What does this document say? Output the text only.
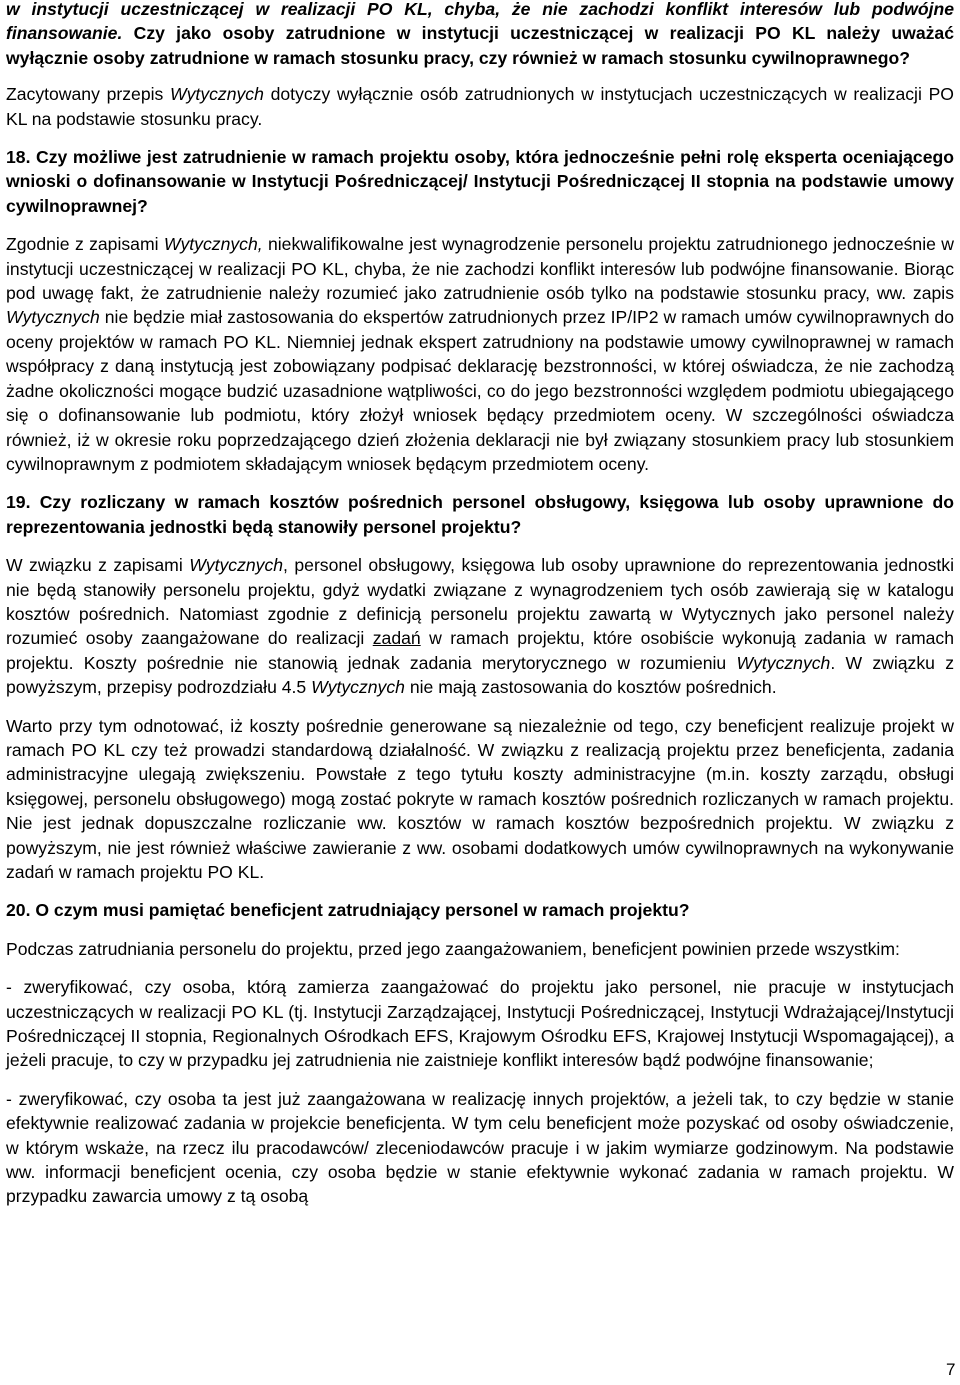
w instytucji uczestniczącej w realizacji PO KL, chyba, że nie zachodzi konflikt interesów lub podwójne finansowanie. Czy jako osoby zatrudnione w instytucji uczestniczącej w realizacji PO KL należy uważać wyłącznie osoby zatrudnione w ramach stosunku pracy, czy również w ramach stosunku cywilnoprawnego?

Zacytowany przepis Wytycznych dotyczy wyłącznie osób zatrudnionych w instytucjach uczestniczących w realizacji PO KL na podstawie stosunku pracy.

18. Czy możliwe jest zatrudnienie w ramach projektu osoby, która jednocześnie pełni rolę eksperta oceniającego wnioski o dofinansowanie w Instytucji Pośredniczącej/ Instytucji Pośredniczącej II stopnia na podstawie umowy cywilnoprawnej?

Zgodnie z zapisami Wytycznych, niekwalifikowalne jest wynagrodzenie personelu projektu zatrudnionego jednocześnie w instytucji uczestniczącej w realizacji PO KL, chyba, że nie zachodzi konflikt interesów lub podwójne finansowanie. Biorąc pod uwagę fakt, że zatrudnienie należy rozumieć jako zatrudnienie osób tylko na podstawie stosunku pracy, ww. zapis Wytycznych nie będzie miał zastosowania do ekspertów zatrudnionych przez IP/IP2 w ramach umów cywilnoprawnych do oceny projektów w ramach PO KL. Niemniej jednak ekspert zatrudniony na podstawie umowy cywilnoprawnej w ramach współpracy z daną instytucją jest zobowiązany podpisać deklarację bezstronności, w której oświadcza, że nie zachodzą żadne okoliczności mogące budzić uzasadnione wątpliwości, co do jego bezstronności względem podmiotu ubiegającego się o dofinansowanie lub podmiotu, który złożył wniosek będący przedmiotem oceny. W szczególności oświadcza również, iż w okresie roku poprzedzającego dzień złożenia deklaracji nie był związany stosunkiem pracy lub stosunkiem cywilnoprawnym z podmiotem składającym wniosek będącym przedmiotem oceny.

19. Czy rozliczany w ramach kosztów pośrednich personel obsługowy, księgowa lub osoby uprawnione do reprezentowania jednostki będą stanowiły personel projektu?

W związku z zapisami Wytycznych, personel obsługowy, księgowa lub osoby uprawnione do reprezentowania jednostki nie będą stanowiły personelu projektu, gdyż wydatki związane z wynagrodzeniem tych osób zawierają się w katalogu kosztów pośrednich. Natomiast zgodnie z definicją personelu projektu zawartą w Wytycznych jako personel należy rozumieć osoby zaangażowane do realizacji zadań w ramach projektu, które osobiście wykonują zadania w ramach projektu. Koszty pośrednie nie stanowią jednak zadania merytorycznego w rozumieniu Wytycznych. W związku z powyższym, przepisy podrozdziału 4.5 Wytycznych nie mają zastosowania do kosztów pośrednich.

Warto przy tym odnotować, iż koszty pośrednie generowane są niezależnie od tego, czy beneficjent realizuje projekt w ramach PO KL czy też prowadzi standardową działalność. W związku z realizacją projektu przez beneficjenta, zadania administracyjne ulegają zwiększeniu. Powstałe z tego tytułu koszty administracyjne (m.in. koszty zarządu, obsługi księgowej, personelu obsługowego) mogą zostać pokryte w ramach kosztów pośrednich rozliczanych w ramach projektu. Nie jest jednak dopuszczalne rozliczanie ww. kosztów w ramach kosztów bezpośrednich projektu. W związku z powyższym, nie jest również właściwe zawieranie z ww. osobami dodatkowych umów cywilnoprawnych na wykonywanie zadań w ramach projektu PO KL.

20. O czym musi pamiętać beneficjent zatrudniający personel w ramach projektu?

Podczas zatrudniania personelu do projektu, przed jego zaangażowaniem, beneficjent powinien przede wszystkim:

- zweryfikować, czy osoba, którą zamierza zaangażować do projektu jako personel, nie pracuje w instytucjach uczestniczących w realizacji PO KL (tj. Instytucji Zarządzającej, Instytucji Pośredniczącej, Instytucji Wdrażającej/Instytucji Pośredniczącej II stopnia, Regionalnych Ośrodkach EFS, Krajowym Ośrodku EFS, Krajowej Instytucji Wspomagającej), a jeżeli pracuje, to czy w przypadku jej zatrudnienia nie zaistnieje konflikt interesów bądź podwójne finansowanie;

- zweryfikować, czy osoba ta jest już zaangażowana w realizację innych projektów, a jeżeli tak, to czy będzie w stanie efektywnie realizować zadania w projekcie beneficjenta. W tym celu beneficjent może pozyskać od osoby oświadczenie, w którym wskaże, na rzecz ilu pracodawców/ zleceniodawców pracuje i w jakim wymiarze godzinowym. Na podstawie ww. informacji beneficjent ocenia, czy osoba będzie w stanie efektywnie wykonać zadania w ramach projektu. W przypadku zawarcia umowy z tą osobą

7
